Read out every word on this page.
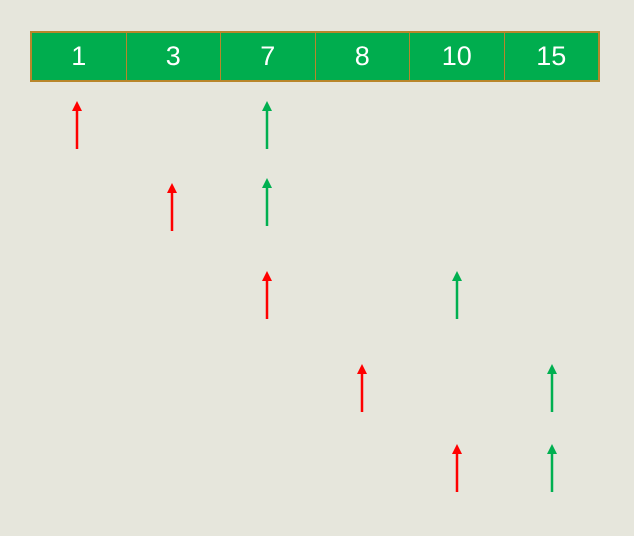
1	3	7	8	10	15
